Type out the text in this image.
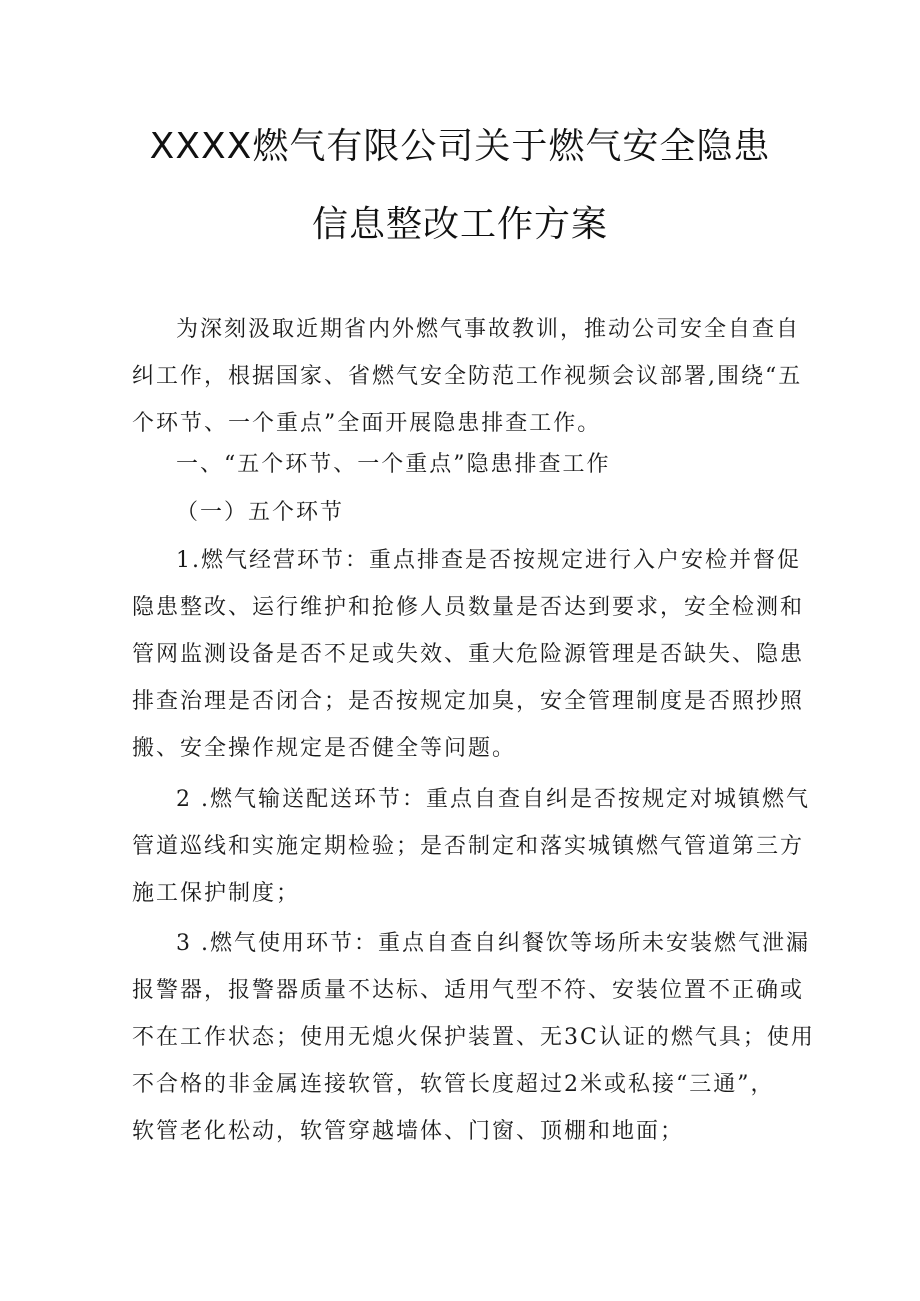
XXXX燃气有限公司关于燃气安全隐患
信息整改工作方案
为深刻汲取近期省内外燃气事故教训，推动公司安全自查自
纠工作，根据国家、省燃气安全防范工作视频会议部署,围绕“五
个环节、一个重点”全面开展隐患排查工作。
一、“五个环节、一个重点”隐患排查工作
（一）五个环节
1.燃气经营环节：重点排查是否按规定进行入户安检并督促
隐患整改、运行维护和抢修人员数量是否达到要求，安全检测和
管网监测设备是否不足或失效、重大危险源管理是否缺失、隐患
排查治理是否闭合；是否按规定加臭，安全管理制度是否照抄照
搬、安全操作规定是否健全等问题。
2 .燃气输送配送环节：重点自查自纠是否按规定对城镇燃气
管道巡线和实施定期检验；是否制定和落实城镇燃气管道第三方
施工保护制度；
3 .燃气使用环节：重点自查自纠餐饮等场所未安装燃气泄漏
报警器，报警器质量不达标、适用气型不符、安装位置不正确或
不在工作状态；使用无熄火保护装置、无3C认证的燃气具；使用
不合格的非金属连接软管，软管长度超过2米或私接“三通”，
软管老化松动，软管穿越墙体、门窗、顶棚和地面；
